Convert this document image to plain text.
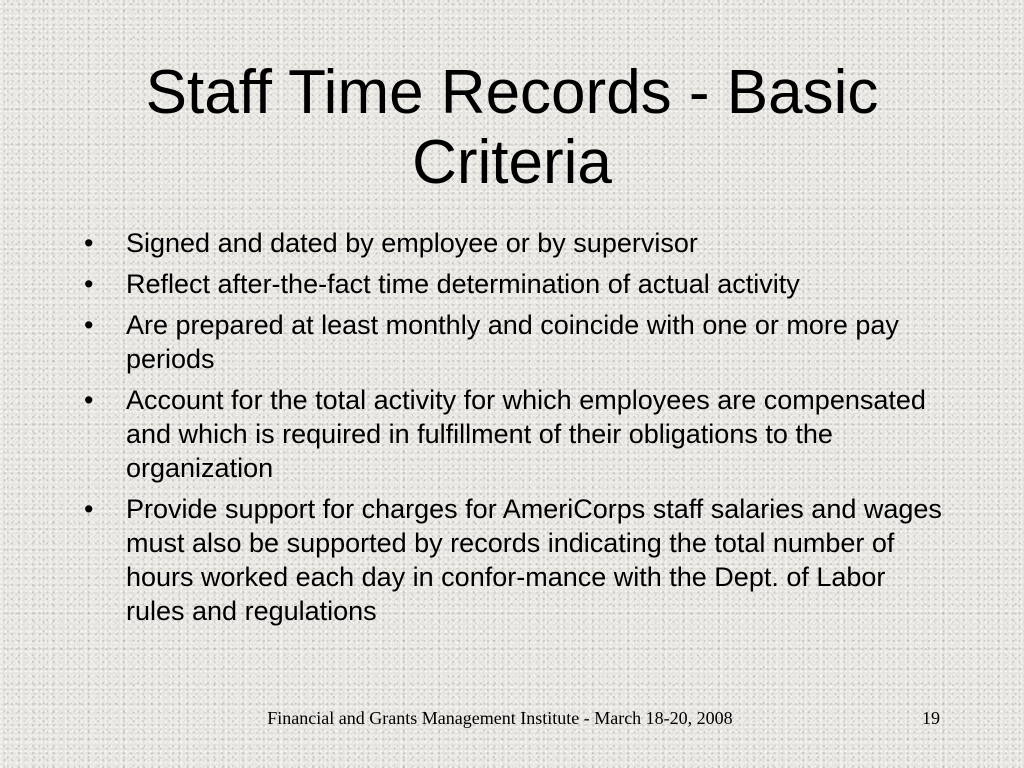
Staff Time Records - Basic Criteria
• Signed and dated by employee or by supervisor
• Reflect after-the-fact time determination of actual activity
• Are prepared at least monthly and coincide with one or more pay periods
• Account for the total activity for which employees are compensated and which is required in fulfillment of their obligations to the organization
• Provide support for charges for AmeriCorps staff salaries and wages must also be supported by records indicating the total number of hours worked each day in confor-mance with the Dept. of Labor rules and regulations
Financial and Grants Management Institute - March 18-20, 2008	19
